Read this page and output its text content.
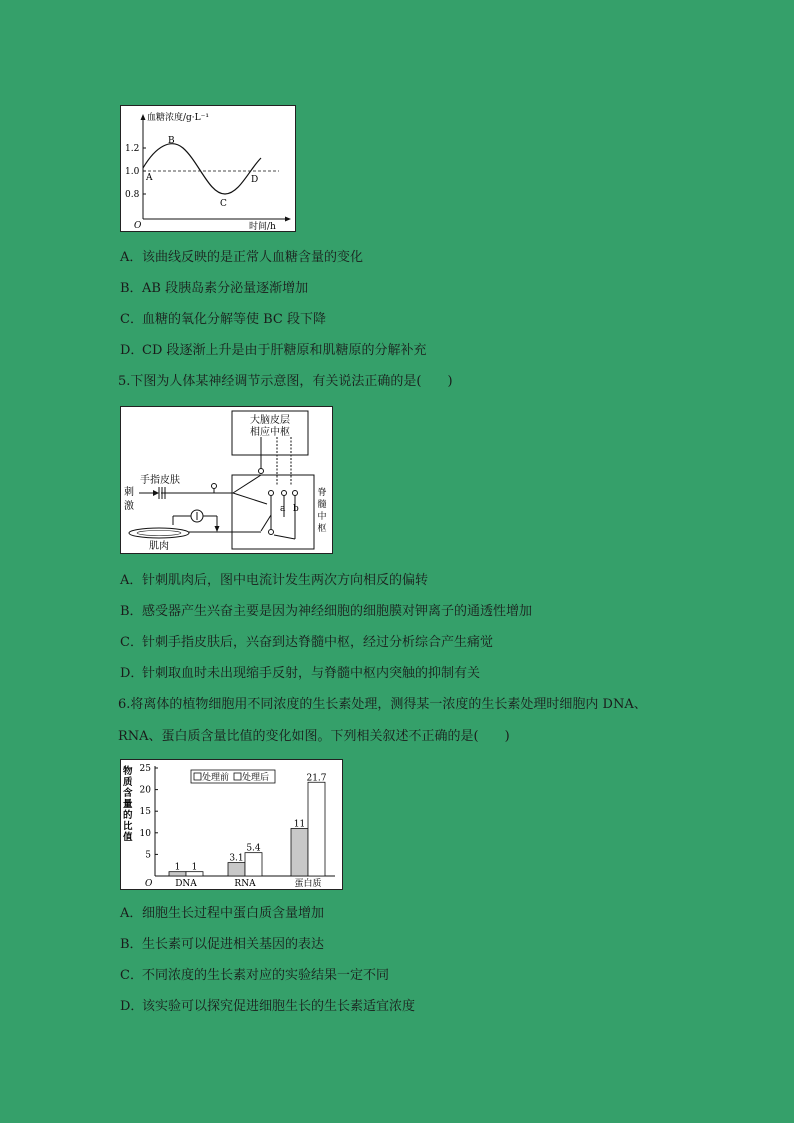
血糖浓度/g·L⁻¹
时间/h
O
1.2
1.0
0.8
A
B
C
D
A．该曲线反映的是正常人血糖含量的变化
B．AB 段胰岛素分泌量逐渐增加
C．血糖的氧化分解等使 BC 段下降
D．CD 段逐渐上升是由于肝糖原和肌糖原的分解补充
5.下图为人体某神经调节示意图，有关说法正确的是(　　)
大脑皮层
相应中枢
脊
髓
中
枢
a b
手指皮肤
刺
激
肌肉
A．针刺肌肉后，图中电流计发生两次方向相反的偏转
B．感受器产生兴奋主要是因为神经细胞的细胞膜对钾离子的通透性增加
C．针刺手指皮肤后，兴奋到达脊髓中枢，经过分析综合产生痛觉
D．针刺取血时未出现缩手反射，与脊髓中枢内突触的抑制有关
6.将离体的植物细胞用不同浓度的生长素处理，测得某一浓度的生长素处理时细胞内 DNA、
RNA、蛋白质含量比值的变化如图。下列相关叙述不正确的是(　　)
O
25
20
15
10
5
物
质
含
量
的
比
值
处理前 处理后
1 1
DNA
3.1
5.4
RNA
11
21.7
蛋白质
A．细胞生长过程中蛋白质含量增加
B．生长素可以促进相关基因的表达
C．不同浓度的生长素对应的实验结果一定不同
D．该实验可以探究促进细胞生长的生长素适宜浓度
